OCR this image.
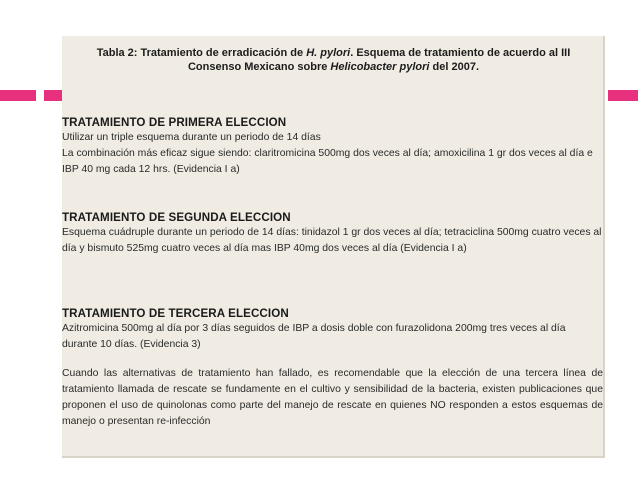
Tabla 2: Tratamiento de erradicación de H. pylori. Esquema de tratamiento de acuerdo al III
Consenso Mexicano sobre Helicobacter pylori del 2007.
TRATAMIENTO DE PRIMERA ELECCION

Utilizar un triple esquema durante un periodo de 14 días

La combinación más eficaz sigue siendo: claritromicina 500mg dos veces al día; amoxicilina 1 gr dos veces al día e IBP 40 mg cada 12 hrs. (Evidencia I a)

TRATAMIENTO DE SEGUNDA ELECCION

Esquema cuádruple durante un periodo de 14 días: tinidazol 1 gr dos veces al día; tetraciclina 500mg cuatro veces al día y bismuto 525mg cuatro veces al día mas IBP 40mg dos veces al día (Evidencia I a)

TRATAMIENTO DE TERCERA ELECCION

Azitromicina 500mg al día por 3 días seguidos de IBP a dosis doble con furazolidona 200mg tres veces al día durante 10 días. (Evidencia 3)

Cuando las alternativas de tratamiento han fallado, es recomendable que la elección de una tercera línea de tratamiento llamada de rescate se fundamente en el cultivo y sensibilidad de la bacteria, existen publicaciones que proponen el uso de quinolonas como parte del manejo de rescate en quienes NO responden a estos esquemas de manejo o presentan re-infección
